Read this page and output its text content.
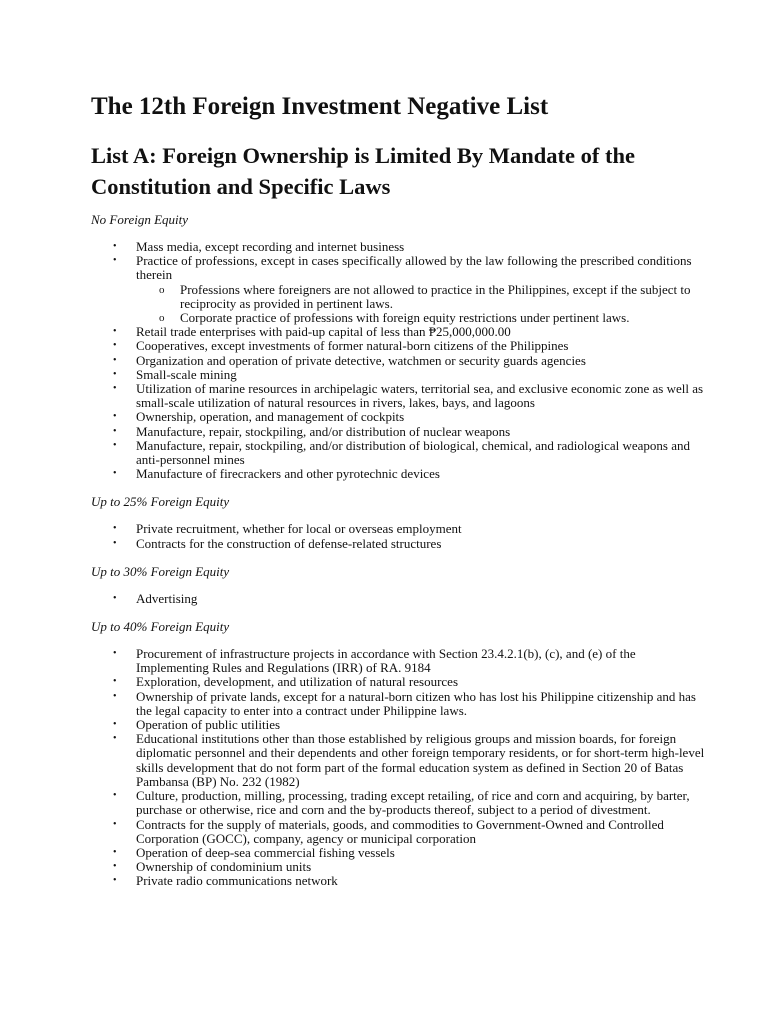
The 12th Foreign Investment Negative List
List A: Foreign Ownership is Limited By Mandate of the Constitution and Specific Laws
No Foreign Equity
• Mass media, except recording and internet business
• Practice of professions, except in cases specifically allowed by the law following the prescribed conditions therein
o Professions where foreigners are not allowed to practice in the Philippines, except if the subject to reciprocity as provided in pertinent laws.
o Corporate practice of professions with foreign equity restrictions under pertinent laws.
• Retail trade enterprises with paid-up capital of less than ₱25,000,000.00
• Cooperatives, except investments of former natural-born citizens of the Philippines
• Organization and operation of private detective, watchmen or security guards agencies
• Small-scale mining
• Utilization of marine resources in archipelagic waters, territorial sea, and exclusive economic zone as well as small-scale utilization of natural resources in rivers, lakes, bays, and lagoons
• Ownership, operation, and management of cockpits
• Manufacture, repair, stockpiling, and/or distribution of nuclear weapons
• Manufacture, repair, stockpiling, and/or distribution of biological, chemical, and radiological weapons and anti-personnel mines
• Manufacture of firecrackers and other pyrotechnic devices
Up to 25% Foreign Equity
• Private recruitment, whether for local or overseas employment
• Contracts for the construction of defense-related structures
Up to 30% Foreign Equity
• Advertising
Up to 40% Foreign Equity
• Procurement of infrastructure projects in accordance with Section 23.4.2.1(b), (c), and (e) of the Implementing Rules and Regulations (IRR) of RA. 9184
• Exploration, development, and utilization of natural resources
• Ownership of private lands, except for a natural-born citizen who has lost his Philippine citizenship and has the legal capacity to enter into a contract under Philippine laws.
• Operation of public utilities
• Educational institutions other than those established by religious groups and mission boards, for foreign diplomatic personnel and their dependents and other foreign temporary residents, or for short-term high-level skills development that do not form part of the formal education system as defined in Section 20 of Batas Pambansa (BP) No. 232 (1982)
• Culture, production, milling, processing, trading except retailing, of rice and corn and acquiring, by barter, purchase or otherwise, rice and corn and the by-products thereof, subject to a period of divestment.
• Contracts for the supply of materials, goods, and commodities to Government-Owned and Controlled Corporation (GOCC), company, agency or municipal corporation
• Operation of deep-sea commercial fishing vessels
• Ownership of condominium units
• Private radio communications network
